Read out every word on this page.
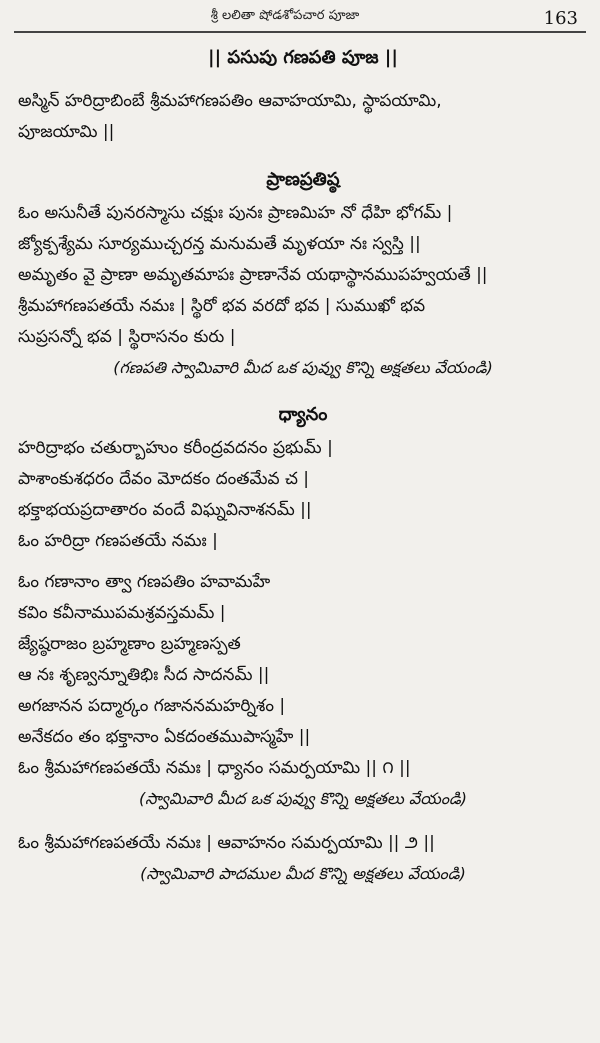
శ్రీ లలితా షోడశోపచార పూజా	163
|| పసుపు గణపతి పూజ ||
అస్మిన్ హరిద్రాబింబే శ్రీమహాగణపతిం ఆవాహయామి, స్థాపయామి,
పూజయామి ||
ప్రాణప్రతిష్ఠ
ఓం అసునీతే పునరస్మాసు చక్షుః పునః ప్రాణమిహ నో ధేహి భోగమ్ |
జ్యోక్పశ్యేమ సూర్యముచ్చరన్త మనుమతే మృళయా నః స్వస్తి ||
అమృతం వై ప్రాణా అమృతమాపః ప్రాణానేవ యథాస్థానముపహ్వయతే ||
శ్రీమహాగణపతయే నమః | స్థిరో భవ వరదో భవ | సుముఖో భవ
సుప్రసన్నో భవ | స్థిరాసనం కురు |
(గణపతి స్వామివారి మీద ఒక పువ్వు కొన్ని అక్షతలు వేయండి)
ధ్యానం
హరిద్రాభం చతుర్బాహుం కరీంద్రవదనం ప్రభుమ్ |
పాశాంకుశధరం దేవం మోదకం దంతమేవ చ |
భక్తాభయప్రదాతారం వందే విఘ్నవినాశనమ్ ||
ఓం హరిద్రా గణపతయే నమః |
ఓం గణానాం త్వా గణపతిం హవామహే
కవిం కవీనాముపమశ్రవస్తమమ్ |
జ్యేష్ఠరాజం బ్రహ్మణాం బ్రహ్మణస్పత
ఆ నః శృణ్వన్నూతిభిః సీద సాదనమ్ ||
అగజానన పద్మార్కం గజాననమహర్నిశం |
అనేకదం తం భక్తానాం ఏకదంతముపాస్మహే ||
ఓం శ్రీమహాగణపతయే నమః | ధ్యానం సమర్పయామి || ౧ ||
(స్వామివారి మీద ఒక పువ్వు కొన్ని అక్షతలు వేయండి)
ఓం శ్రీమహాగణపతయే నమః | ఆవాహనం సమర్పయామి || ౨ ||
(స్వామివారి పాదముల మీద కొన్ని అక్షతలు వేయండి)
